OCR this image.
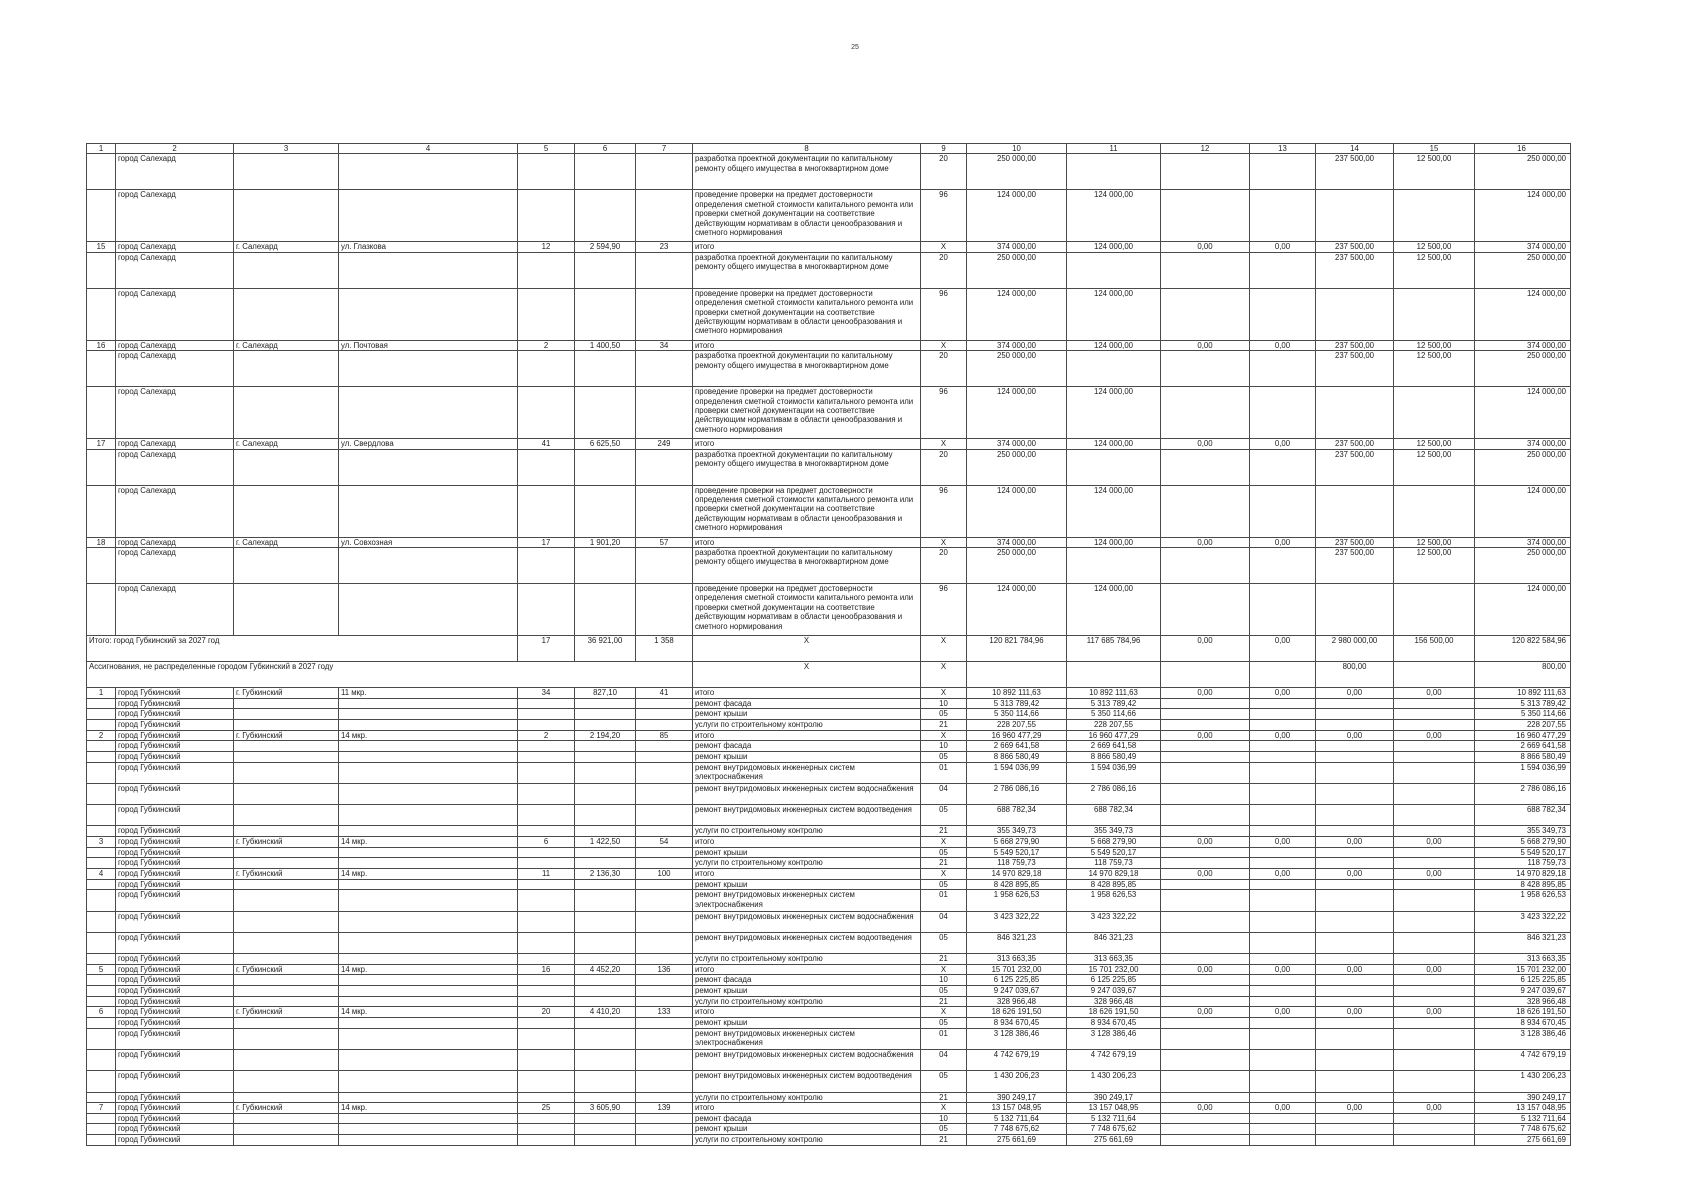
25
1	2	3	4	5	6	7	8	9	10	11	12	13	14	15	16
	город Салехард						разработка проектной документации по капитальному ремонту общего имущества в многоквартирном доме	20	250 000,00				237 500,00	12 500,00	250 000,00
	город Салехард						проведение проверки на предмет достоверности определения сметной стоимости капитального ремонта или проверки сметной документации на соответствие действующим нормативам в области ценообразования и сметного нормирования	96	124 000,00	124 000,00					124 000,00
15	город Салехард	г. Салехард	ул. Глазкова	12	2 594,90	23	итого	Х	374 000,00	124 000,00	0,00	0,00	237 500,00	12 500,00	374 000,00
	город Салехард						разработка проектной документации по капитальному ремонту общего имущества в многоквартирном доме	20	250 000,00				237 500,00	12 500,00	250 000,00
	город Салехард						проведение проверки на предмет достоверности определения сметной стоимости капитального ремонта или проверки сметной документации на соответствие действующим нормативам в области ценообразования и сметного нормирования	96	124 000,00	124 000,00					124 000,00
16	город Салехард	г. Салехард	ул. Почтовая	2	1 400,50	34	итого	Х	374 000,00	124 000,00	0,00	0,00	237 500,00	12 500,00	374 000,00
	город Салехард						разработка проектной документации по капитальному ремонту общего имущества в многоквартирном доме	20	250 000,00				237 500,00	12 500,00	250 000,00
	город Салехард						проведение проверки на предмет достоверности определения сметной стоимости капитального ремонта или проверки сметной документации на соответствие действующим нормативам в области ценообразования и сметного нормирования	96	124 000,00	124 000,00					124 000,00
17	город Салехард	г. Салехард	ул. Свердлова	41	6 625,50	249	итого	Х	374 000,00	124 000,00	0,00	0,00	237 500,00	12 500,00	374 000,00
	город Салехард						разработка проектной документации по капитальному ремонту общего имущества в многоквартирном доме	20	250 000,00				237 500,00	12 500,00	250 000,00
	город Салехард						проведение проверки на предмет достоверности определения сметной стоимости капитального ремонта или проверки сметной документации на соответствие действующим нормативам в области ценообразования и сметного нормирования	96	124 000,00	124 000,00					124 000,00
18	город Салехард	г. Салехард	ул. Совхозная	17	1 901,20	57	итого	Х	374 000,00	124 000,00	0,00	0,00	237 500,00	12 500,00	374 000,00
	город Салехард						разработка проектной документации по капитальному ремонту общего имущества в многоквартирном доме	20	250 000,00				237 500,00	12 500,00	250 000,00
	город Салехард						проведение проверки на предмет достоверности определения сметной стоимости капитального ремонта или проверки сметной документации на соответствие действующим нормативам в области ценообразования и сметного нормирования	96	124 000,00	124 000,00					124 000,00
Итого: город Губкинский за 2027 год				17	36 921,00	1 358	Х	Х	120 821 784,96	117 685 784,96	0,00	0,00	2 980 000,00	156 500,00	120 822 584,96
Ассигнования, не распределенные городом Губкинский в 2027 году							Х	Х					800,00		800,00
1	город Губкинский	г. Губкинский	11 мкр.	34	827,10	41	итого	Х	10 892 111,63	10 892 111,63	0,00	0,00	0,00	0,00	10 892 111,63
	город Губкинский						ремонт фасада	10	5 313 789,42	5 313 789,42					5 313 789,42
	город Губкинский						ремонт крыши	05	5 350 114,66	5 350 114,66					5 350 114,66
	город Губкинский						услуги по строительному контролю	21	228 207,55	228 207,55					228 207,55
2	город Губкинский	г. Губкинский	14 мкр.	2	2 194,20	85	итого	Х	16 960 477,29	16 960 477,29	0,00	0,00	0,00	0,00	16 960 477,29
	город Губкинский						ремонт фасада	10	2 669 641,58	2 669 641,58					2 669 641,58
	город Губкинский						ремонт крыши	05	8 866 580,49	8 866 580,49					8 866 580,49
	город Губкинский						ремонт внутридомовых инженерных систем электроснабжения	01	1 594 036,99	1 594 036,99					1 594 036,99
	город Губкинский						ремонт внутридомовых инженерных систем водоснабжения	04	2 786 086,16	2 786 086,16					2 786 086,16
	город Губкинский						ремонт внутридомовых инженерных систем водоотведения	05	688 782,34	688 782,34					688 782,34
	город Губкинский						услуги по строительному контролю	21	355 349,73	355 349,73					355 349,73
3	город Губкинский	г. Губкинский	14 мкр.	6	1 422,50	54	итого	Х	5 668 279,90	5 668 279,90	0,00	0,00	0,00	0,00	5 668 279,90
	город Губкинский						ремонт крыши	05	5 549 520,17	5 549 520,17					5 549 520,17
	город Губкинский						услуги по строительному контролю	21	118 759,73	118 759,73					118 759,73
4	город Губкинский	г. Губкинский	14 мкр.	11	2 136,30	100	итого	Х	14 970 829,18	14 970 829,18	0,00	0,00	0,00	0,00	14 970 829,18
	город Губкинский						ремонт крыши	05	8 428 895,85	8 428 895,85					8 428 895,85
	город Губкинский						ремонт внутридомовых инженерных систем электроснабжения	01	1 958 626,53	1 958 626,53					1 958 626,53
	город Губкинский						ремонт внутридомовых инженерных систем водоснабжения	04	3 423 322,22	3 423 322,22					3 423 322,22
	город Губкинский						ремонт внутридомовых инженерных систем водоотведения	05	846 321,23	846 321,23					846 321,23
	город Губкинский						услуги по строительному контролю	21	313 663,35	313 663,35					313 663,35
5	город Губкинский	г. Губкинский	14 мкр.	16	4 452,20	136	итого	Х	15 701 232,00	15 701 232,00	0,00	0,00	0,00	0,00	15 701 232,00
	город Губкинский						ремонт фасада	10	6 125 225,85	6 125 225,85					6 125 225,85
	город Губкинский						ремонт крыши	05	9 247 039,67	9 247 039,67					9 247 039,67
	город Губкинский						услуги по строительному контролю	21	328 966,48	328 966,48					328 966,48
6	город Губкинский	г. Губкинский	14 мкр.	20	4 410,20	133	итого	Х	18 626 191,50	18 626 191,50	0,00	0,00	0,00	0,00	18 626 191,50
	город Губкинский						ремонт крыши	05	8 934 670,45	8 934 670,45					8 934 670,45
	город Губкинский						ремонт внутридомовых инженерных систем электроснабжения	01	3 128 386,46	3 128 386,46					3 128 386,46
	город Губкинский						ремонт внутридомовых инженерных систем водоснабжения	04	4 742 679,19	4 742 679,19					4 742 679,19
	город Губкинский						ремонт внутридомовых инженерных систем водоотведения	05	1 430 206,23	1 430 206,23					1 430 206,23
	город Губкинский						услуги по строительному контролю	21	390 249,17	390 249,17					390 249,17
7	город Губкинский	г. Губкинский	14 мкр.	25	3 605,90	139	итого	Х	13 157 048,95	13 157 048,95	0,00	0,00	0,00	0,00	13 157 048,95
	город Губкинский						ремонт фасада	10	5 132 711,64	5 132 711,64					5 132 711,64
	город Губкинский						ремонт крыши	05	7 748 675,62	7 748 675,62					7 748 675,62
	город Губкинский						услуги по строительному контролю	21	275 661,69	275 661,69					275 661,69
